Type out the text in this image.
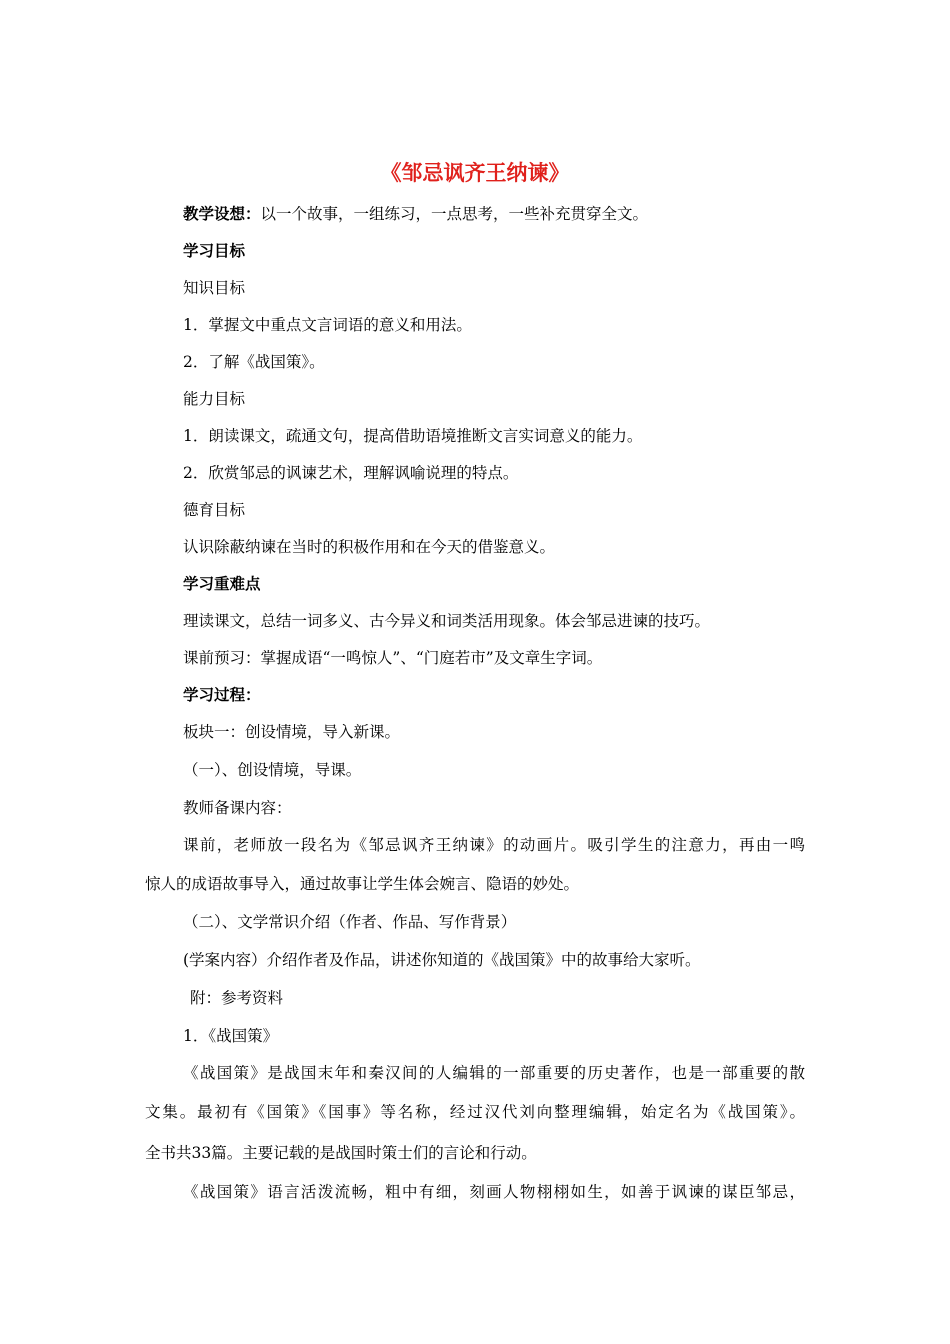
《邹忌讽齐王纳谏》
教学设想：以一个故事，一组练习，一点思考，一些补充贯穿全文。
学习目标
知识目标
1．掌握文中重点文言词语的意义和用法。
2．了解《战国策》。
能力目标
1．朗读课文，疏通文句，提高借助语境推断文言实词意义的能力。
2．欣赏邹忌的讽谏艺术，理解讽喻说理的特点。
德育目标
认识除蔽纳谏在当时的积极作用和在今天的借鉴意义。
学习重难点
理读课文，总结一词多义、古今异义和词类活用现象。体会邹忌进谏的技巧。
课前预习：掌握成语“一鸣惊人”、“门庭若市”及文章生字词。
学习过程：
板块一：创设情境，导入新课。
（一）、创设情境，导课。
教师备课内容：
课前，老师放一段名为《邹忌讽齐王纳谏》的动画片。吸引学生的注意力，再由一鸣
惊人的成语故事导入，通过故事让学生体会婉言、隐语的妙处。
（二）、文学常识介绍（作者、作品、写作背景）
(学案内容）介绍作者及作品，讲述你知道的《战国策》中的故事给大家听。
附：参考资料
1．《战国策》
《战国策》是战国末年和秦汉间的人编辑的一部重要的历史著作，也是一部重要的散
文集。最初有《国策》《国事》等名称，经过汉代刘向整理编辑，始定名为《战国策》。
全书共33篇。主要记载的是战国时策士们的言论和行动。
《战国策》语言活泼流畅，粗中有细，刻画人物栩栩如生，如善于讽谏的谋臣邹忌，
